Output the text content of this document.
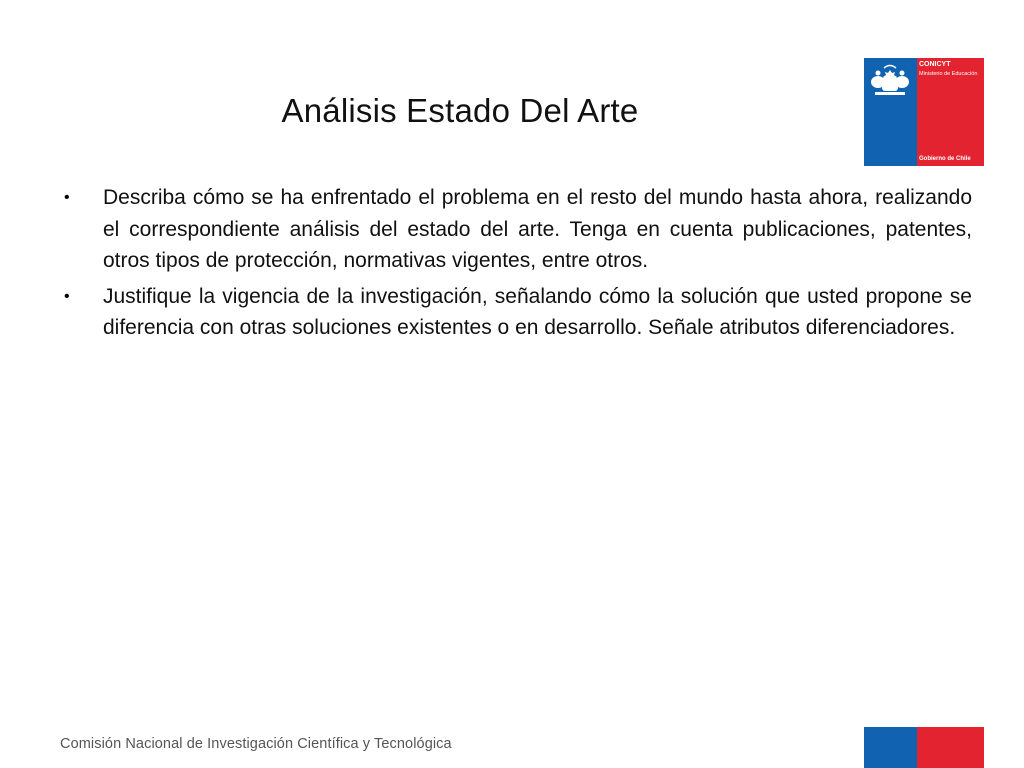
Análisis Estado Del Arte
CONICYT
Ministerio de Educación
Gobierno de Chile
•	Describa cómo se ha enfrentado el problema en el resto del mundo hasta ahora, realizando el correspondiente análisis del estado del arte. Tenga en cuenta publicaciones, patentes, otros tipos de protección, normativas vigentes, entre otros.
•	Justifique la vigencia de la investigación, señalando cómo la solución que usted propone se diferencia con otras soluciones existentes o en desarrollo. Señale atributos diferenciadores.
Comisión Nacional de Investigación Científica y Tecnológica
